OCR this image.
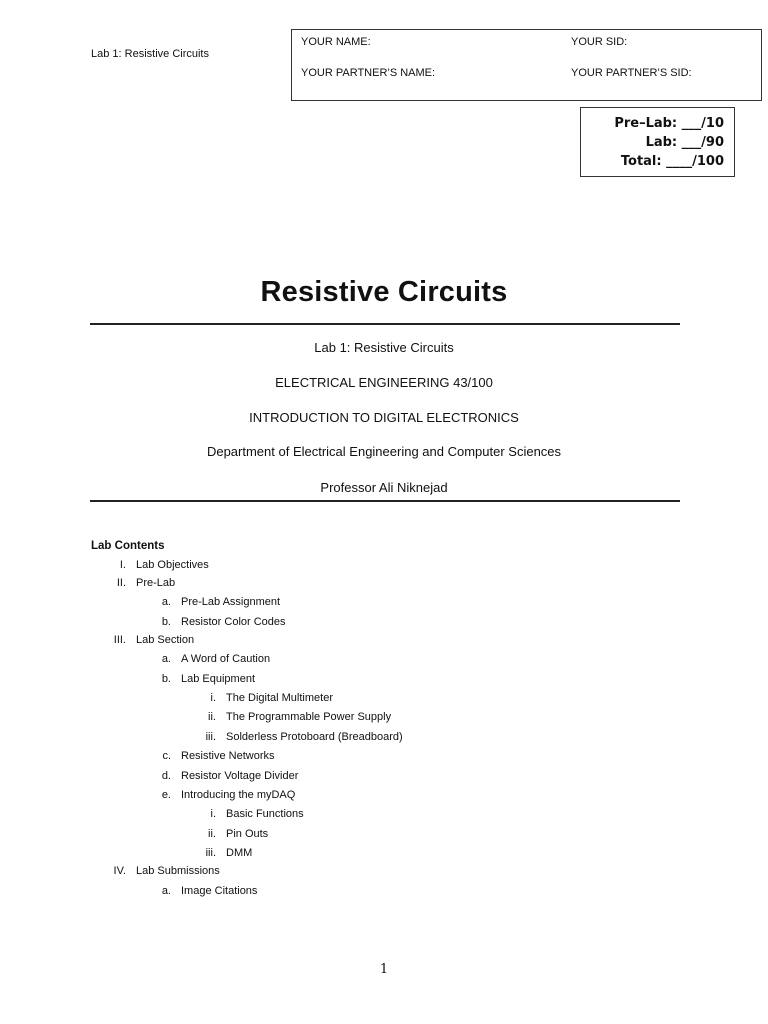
Lab 1: Resistive Circuits
YOUR NAME:	YOUR SID:
YOUR PARTNER’S NAME:	YOUR PARTNER’S SID:
Pre–Lab: ___/10
Lab: ___/90
Total: ____/100
Resistive Circuits
Lab 1: Resistive Circuits
ELECTRICAL ENGINEERING 43/100
INTRODUCTION TO DIGITAL ELECTRONICS
Department of Electrical Engineering and Computer Sciences
Professor Ali Niknejad
Lab Contents
I. Lab Objectives
II. Pre-Lab
a. Pre-Lab Assignment
b. Resistor Color Codes
III. Lab Section
a. A Word of Caution
b. Lab Equipment
i. The Digital Multimeter
ii. The Programmable Power Supply
iii. Solderless Protoboard (Breadboard)
c. Resistive Networks
d. Resistor Voltage Divider
e. Introducing the myDAQ
i. Basic Functions
ii. Pin Outs
iii. DMM
IV. Lab Submissions
a. Image Citations
1
